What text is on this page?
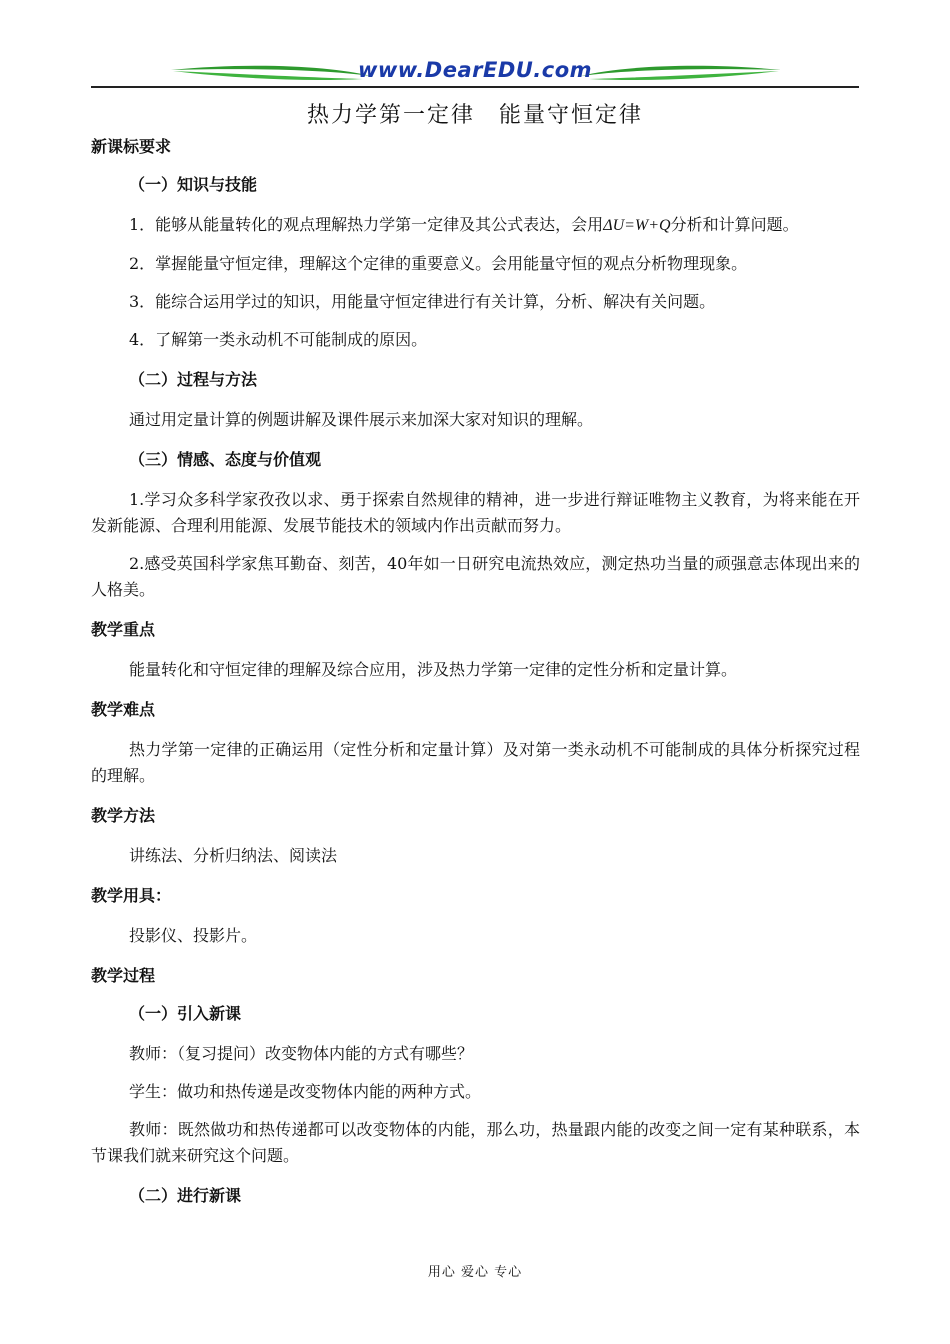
www.DearEDU.com
热力学第一定律　能量守恒定律

新课标要求

（一）知识与技能

1．能够从能量转化的观点理解热力学第一定律及其公式表达，会用ΔU=W+Q分析和计算问题。

2．掌握能量守恒定律，理解这个定律的重要意义。会用能量守恒的观点分析物理现象。

3．能综合运用学过的知识，用能量守恒定律进行有关计算，分析、解决有关问题。

4．了解第一类永动机不可能制成的原因。

（二）过程与方法

通过用定量计算的例题讲解及课件展示来加深大家对知识的理解。

（三）情感、态度与价值观

1.学习众多科学家孜孜以求、勇于探索自然规律的精神，进一步进行辩证唯物主义教育，为将来能在开发新能源、合理利用能源、发展节能技术的领域内作出贡献而努力。

2.感受英国科学家焦耳勤奋、刻苦，40年如一日研究电流热效应，测定热功当量的顽强意志体现出来的人格美。

教学重点

能量转化和守恒定律的理解及综合应用，涉及热力学第一定律的定性分析和定量计算。

教学难点

热力学第一定律的正确运用（定性分析和定量计算）及对第一类永动机不可能制成的具体分析探究过程的理解。

教学方法

讲练法、分析归纳法、阅读法

教学用具：

投影仪、投影片。

教学过程

（一）引入新课

教师：（复习提问）改变物体内能的方式有哪些？

学生：做功和热传递是改变物体内能的两种方式。

教师：既然做功和热传递都可以改变物体的内能，那么功，热量跟内能的改变之间一定有某种联系，本节课我们就来研究这个问题。

（二）进行新课

用心 爱心 专心
